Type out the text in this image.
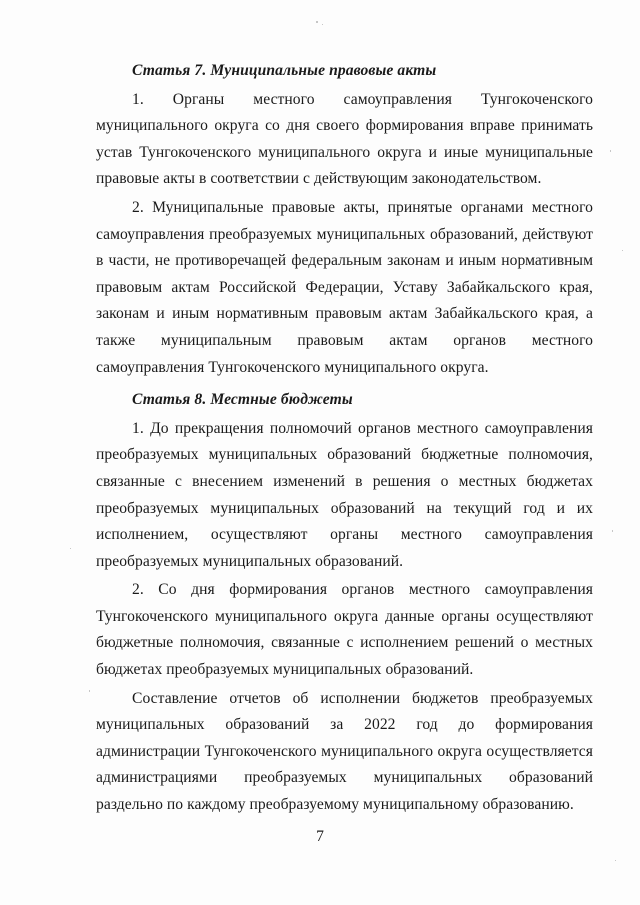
Статья 7. Муниципальные правовые акты

1. Органы местного самоуправления Тунгокоченского муниципального округа со дня своего формирования вправе принимать устав Тунгокоченского муниципального округа и иные муниципальные правовые акты в соответствии с действующим законодательством.

2. Муниципальные правовые акты, принятые органами местного самоуправления преобразуемых муниципальных образований, действуют в части, не противоречащей федеральным законам и иным нормативным правовым актам Российской Федерации, Уставу Забайкальского края, законам и иным нормативным правовым актам Забайкальского края, а также муниципальным правовым актам органов местного самоуправления Тунгокоченского муниципального округа.

Статья 8. Местные бюджеты

1. До прекращения полномочий органов местного самоуправления преобразуемых муниципальных образований бюджетные полномочия, связанные с внесением изменений в решения о местных бюджетах преобразуемых муниципальных образований на текущий год и их исполнением, осуществляют органы местного самоуправления преобразуемых муниципальных образований.

2. Со дня формирования органов местного самоуправления Тунгокоченского муниципального округа данные органы осуществляют бюджетные полномочия, связанные с исполнением решений о местных бюджетах преобразуемых муниципальных образований.

Составление отчетов об исполнении бюджетов преобразуемых муниципальных образований за 2022 год до формирования администрации Тунгокоченского муниципального округа осуществляется администрациями преобразуемых муниципальных образований раздельно по каждому преобразуемому муниципальному образованию.

7
